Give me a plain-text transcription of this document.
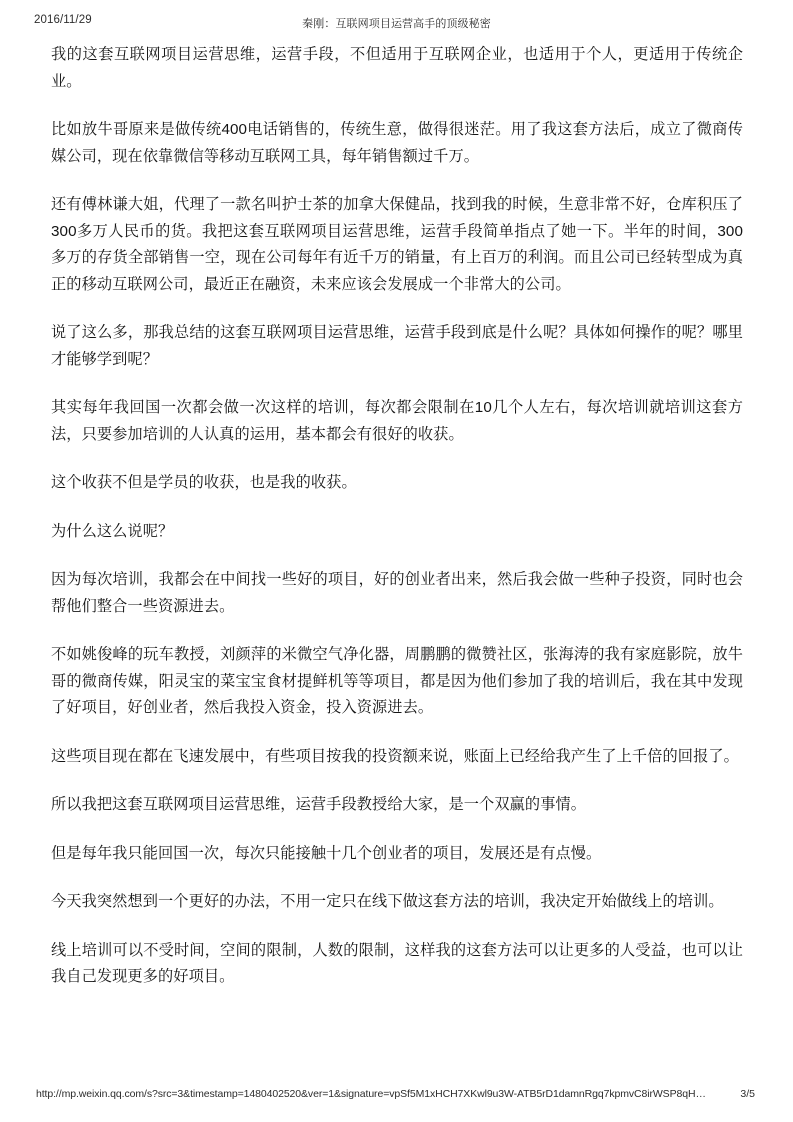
2016/11/29	秦刚：互联网项目运营高手的顶级秘密

我的这套互联网项目运营思维，运营手段，不但适用于互联网企业，也适用于个人，更适用于传统企业。

比如放牛哥原来是做传统400电话销售的，传统生意，做得很迷茫。用了我这套方法后，成立了微商传媒公司，现在依靠微信等移动互联网工具，每年销售额过千万。

还有傅林谦大姐，代理了一款名叫护士茶的加拿大保健品，找到我的时候，生意非常不好，仓库积压了300多万人民币的货。我把这套互联网项目运营思维，运营手段简单指点了她一下。半年的时间，300多万的存货全部销售一空，现在公司每年有近千万的销量，有上百万的利润。而且公司已经转型成为真正的移动互联网公司，最近正在融资，未来应该会发展成一个非常大的公司。

说了这么多，那我总结的这套互联网项目运营思维，运营手段到底是什么呢？具体如何操作的呢？哪里才能够学到呢？

其实每年我回国一次都会做一次这样的培训，每次都会限制在10几个人左右，每次培训就培训这套方法，只要参加培训的人认真的运用，基本都会有很好的收获。

这个收获不但是学员的收获，也是我的收获。

为什么这么说呢？

因为每次培训，我都会在中间找一些好的项目，好的创业者出来，然后我会做一些种子投资，同时也会帮他们整合一些资源进去。

不如姚俊峰的玩车教授，刘颜萍的米微空气净化器，周鹏鹏的微赞社区，张海涛的我有家庭影院，放牛哥的微商传媒，阳灵宝的菜宝宝食材提鲜机等等项目，都是因为他们参加了我的培训后，我在其中发现了好项目，好创业者，然后我投入资金，投入资源进去。

这些项目现在都在飞速发展中，有些项目按我的投资额来说，账面上已经给我产生了上千倍的回报了。

所以我把这套互联网项目运营思维，运营手段教授给大家，是一个双赢的事情。

但是每年我只能回国一次，每次只能接触十几个创业者的项目，发展还是有点慢。

今天我突然想到一个更好的办法，不用一定只在线下做这套方法的培训，我决定开始做线上的培训。

线上培训可以不受时间，空间的限制，人数的限制，这样我的这套方法可以让更多的人受益，也可以让我自己发现更多的好项目。

http://mp.weixin.qq.com/s?src=3&timestamp=1480402520&ver=1&signature=vpSf5M1xHCH7XKwl9u3W-ATB5rD1damnRgq7kpmvC8irWSP8qH…	3/5
